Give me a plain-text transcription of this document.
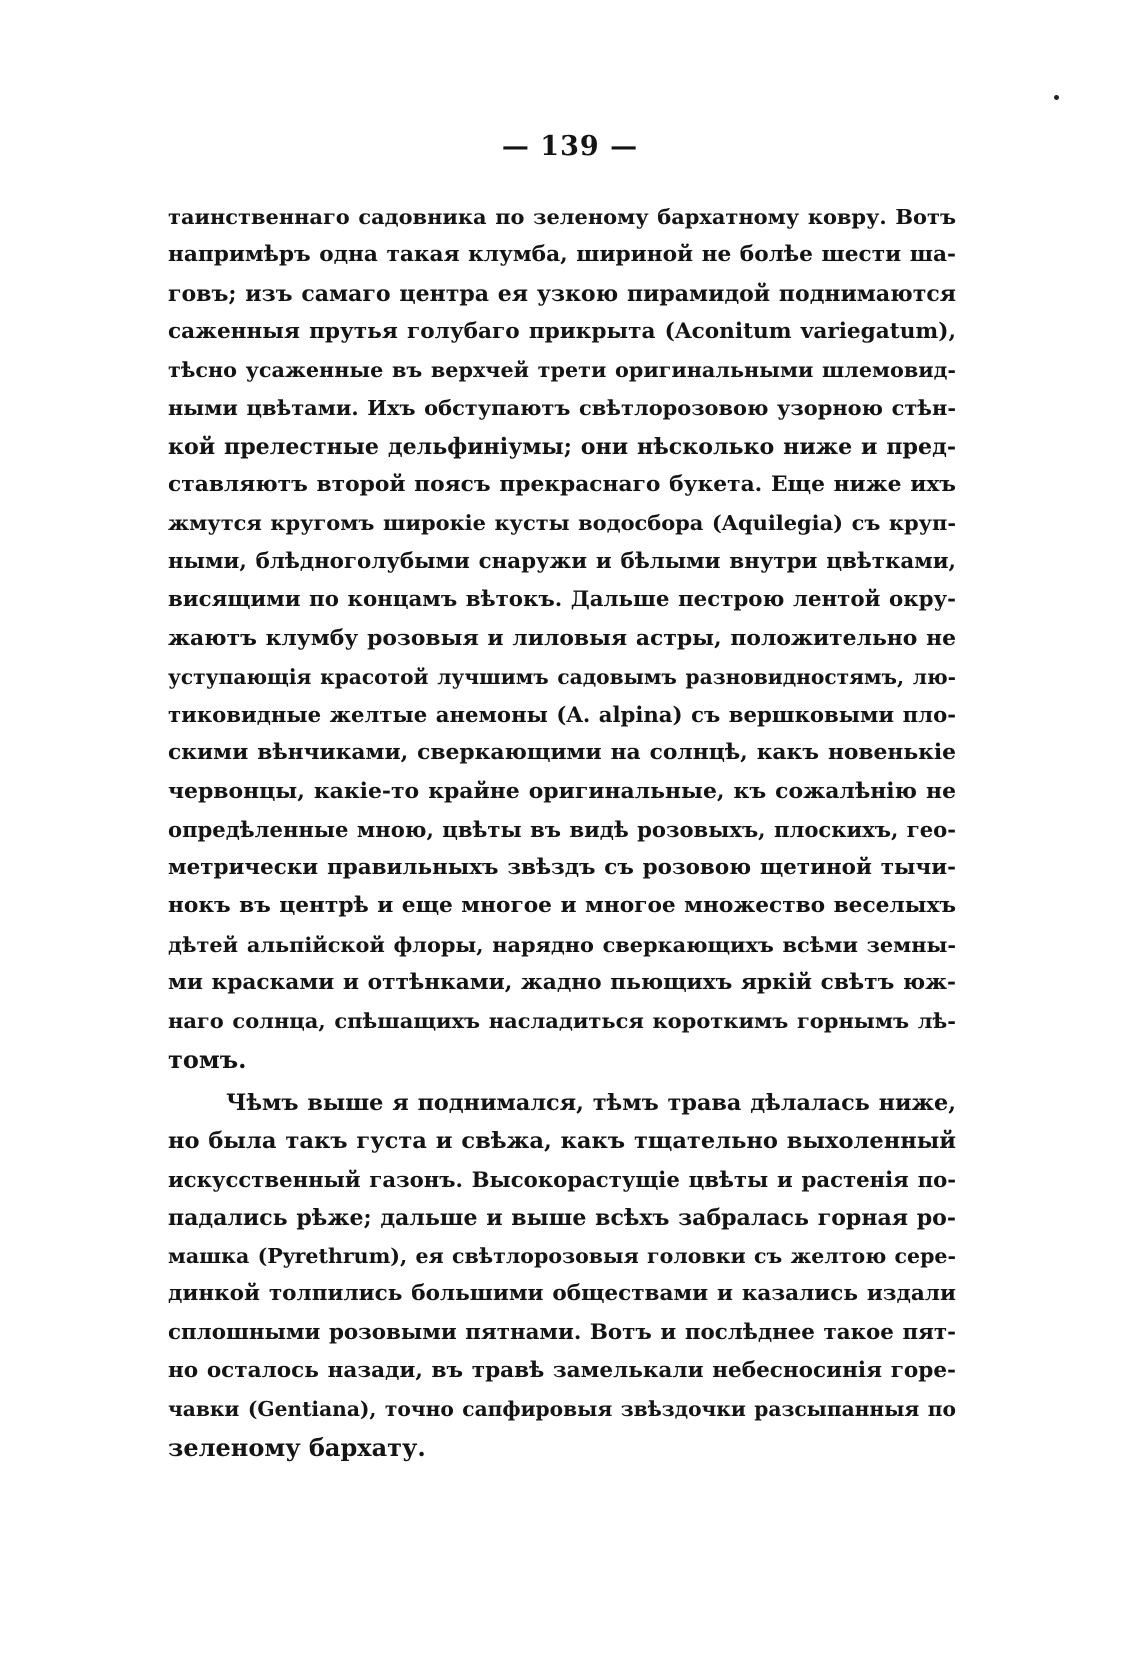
— 139 —
таинственнаго садовника по зеленому бархатному ковру. Вотъ
напримѣръ одна такая клумба, шириной не болѣе шести ша-
говъ; изъ самаго центра ея узкою пирамидой поднимаются
саженныя прутья голубаго прикрыта (Aconitum variegatum),
тѣсно усаженные въ верхчей трети оригинальными шлемовид-
ными цвѣтами. Ихъ обступаютъ свѣтлорозовою узорною стѣн-
кой прелестные дельфиніумы; они нѣсколько ниже и пред-
ставляютъ второй поясъ прекраснаго букета. Еще ниже ихъ
жмутся кругомъ широкіе кусты водосбора (Aquilegia) съ круп-
ными, блѣдноголубыми снаружи и бѣлыми внутри цвѣтками,
висящими по концамъ вѣтокъ. Дальше пестрою лентой окру-
жаютъ клумбу розовыя и лиловыя астры, положительно не
уступающія красотой лучшимъ садовымъ разновидностямъ, лю-
тиковидные желтые анемоны (A. alpina) съ вершковыми пло-
скими вѣнчиками, сверкающими на солнцѣ, какъ новенькіе
червонцы, какіе-то крайне оригинальные, къ сожалѣнію не
опредѣленные мною, цвѣты въ видѣ розовыхъ, плоскихъ, гео-
метрически правильныхъ звѣздъ съ розовою щетиной тычи-
нокъ въ центрѣ и еще многое и многое множество веселыхъ
дѣтей альпійской флоры, нарядно сверкающихъ всѣми земны-
ми красками и оттѣнками, жадно пьющихъ яркій свѣтъ юж-
наго солнца, спѣшащихъ насладиться короткимъ горнымъ лѣ-
томъ.
Чѣмъ выше я поднимался, тѣмъ трава дѣлалась ниже,
но была такъ густа и свѣжа, какъ тщательно выхоленный
искусственный газонъ. Высокорастущіе цвѣты и растенія по-
падались рѣже; дальше и выше всѣхъ забралась горная ро-
машка (Pyrethrum), ея свѣтлорозовыя головки съ желтою сере-
динкой толпились большими обществами и казались издали
сплошными розовыми пятнами. Вотъ и послѣднее такое пят-
но осталось назади, въ травѣ замелькали небесносинія горе-
чавки (Gentiana), точно сапфировыя звѣздочки разсыпанныя по
зеленому бархату.
